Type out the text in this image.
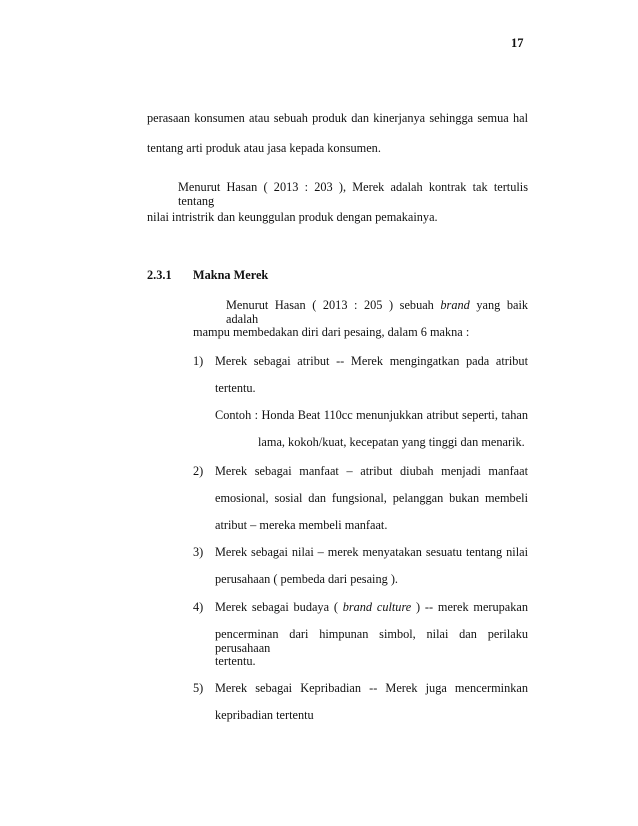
17
perasaan konsumen atau sebuah produk dan kinerjanya sehingga semua hal
tentang arti produk atau jasa kepada konsumen.
Menurut Hasan ( 2013 : 203 ), Merek adalah kontrak tak tertulis tentang
nilai intristrik dan keunggulan produk dengan pemakainya.
2.3.1 Makna Merek
Menurut Hasan ( 2013 : 205 ) sebuah brand yang baik adalah
mampu membedakan diri dari pesaing, dalam 6 makna :
1) Merek sebagai atribut -- Merek mengingatkan pada atribut
tertentu.
Contoh : Honda Beat 110cc menunjukkan atribut seperti, tahan
lama, kokoh/kuat, kecepatan yang tinggi dan menarik.
2) Merek sebagai manfaat – atribut diubah menjadi manfaat
emosional, sosial dan fungsional, pelanggan bukan membeli
atribut – mereka membeli manfaat.
3) Merek sebagai nilai – merek menyatakan sesuatu tentang nilai
perusahaan ( pembeda dari pesaing ).
4) Merek sebagai budaya ( brand culture ) -- merek merupakan
pencerminan dari himpunan simbol, nilai dan perilaku perusahaan
tertentu.
5) Merek sebagai Kepribadian -- Merek juga mencerminkan
kepribadian tertentu
